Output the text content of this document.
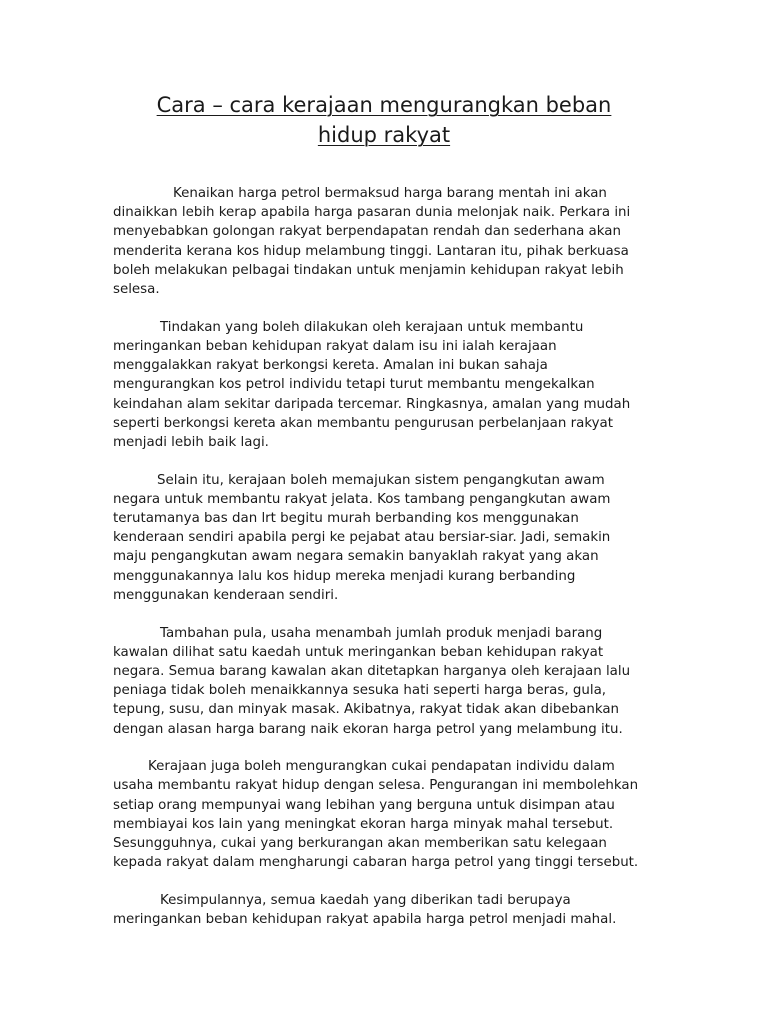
Cara – cara kerajaan mengurangkan beban
hidup rakyat

Kenaikan harga petrol bermaksud harga barang mentah ini akan
dinaikkan lebih kerap apabila harga pasaran dunia melonjak naik. Perkara ini
menyebabkan golongan rakyat berpendapatan rendah dan sederhana akan
menderita kerana kos hidup melambung tinggi. Lantaran itu, pihak berkuasa
boleh melakukan pelbagai tindakan untuk menjamin kehidupan rakyat lebih
selesa.

Tindakan yang boleh dilakukan oleh kerajaan untuk membantu
meringankan beban kehidupan rakyat dalam isu ini ialah kerajaan
menggalakkan rakyat berkongsi kereta. Amalan ini bukan sahaja
mengurangkan kos petrol individu tetapi turut membantu mengekalkan
keindahan alam sekitar daripada tercemar. Ringkasnya, amalan yang mudah
seperti berkongsi kereta akan membantu pengurusan perbelanjaan rakyat
menjadi lebih baik lagi.

Selain itu, kerajaan boleh memajukan sistem pengangkutan awam
negara untuk membantu rakyat jelata. Kos tambang pengangkutan awam
terutamanya bas dan lrt begitu murah berbanding kos menggunakan
kenderaan sendiri apabila pergi ke pejabat atau bersiar-siar. Jadi, semakin
maju pengangkutan awam negara semakin banyaklah rakyat yang akan
menggunakannya lalu kos hidup mereka menjadi kurang berbanding
menggunakan kenderaan sendiri.

Tambahan pula, usaha menambah jumlah produk menjadi barang
kawalan dilihat satu kaedah untuk meringankan beban kehidupan rakyat
negara. Semua barang kawalan akan ditetapkan harganya oleh kerajaan lalu
peniaga tidak boleh menaikkannya sesuka hati seperti harga beras, gula,
tepung, susu, dan minyak masak. Akibatnya, rakyat tidak akan dibebankan
dengan alasan harga barang naik ekoran harga petrol yang melambung itu.

Kerajaan juga boleh mengurangkan cukai pendapatan individu dalam
usaha membantu rakyat hidup dengan selesa. Pengurangan ini membolehkan
setiap orang mempunyai wang lebihan yang berguna untuk disimpan atau
membiayai kos lain yang meningkat ekoran harga minyak mahal tersebut.
Sesungguhnya, cukai yang berkurangan akan memberikan satu kelegaan
kepada rakyat dalam mengharungi cabaran harga petrol yang tinggi tersebut.

Kesimpulannya, semua kaedah yang diberikan tadi berupaya
meringankan beban kehidupan rakyat apabila harga petrol menjadi mahal.
